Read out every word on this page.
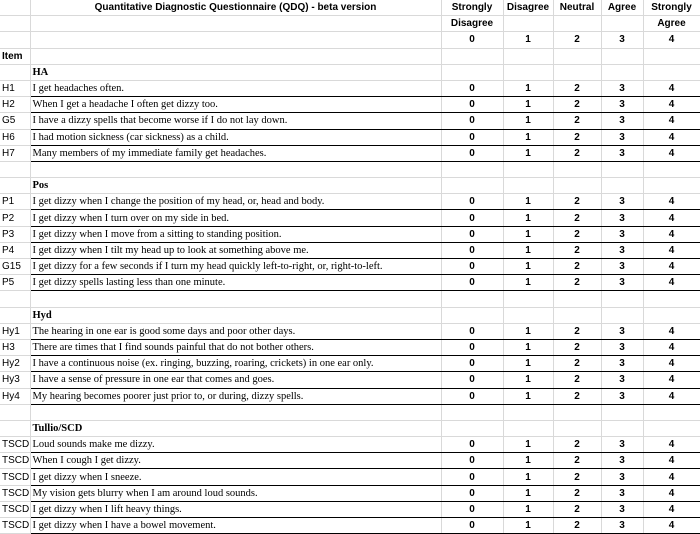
	Quantitative Diagnostic Questionnaire (QDQ) - beta version	Strongly	Disagree	Neutral	Agree	Strongly
		Disagree				Agree
		0	1	2	3	4
Item						
	HA					
H1	I get headaches often.	0	1	2	3	4
H2	When I get a headache I often get dizzy too.	0	1	2	3	4
G5	I have a dizzy spells that become worse if I do not lay down.	0	1	2	3	4
H6	I had motion sickness (car sickness) as a child.	0	1	2	3	4
H7	Many members of my immediate family get headaches.	0	1	2	3	4

	Pos					
P1	I get dizzy when I change the position of my head, or, head and body.	0	1	2	3	4
P2	I get dizzy when I turn over on my side in bed.	0	1	2	3	4
P3	I get dizzy when I move from a sitting to standing position.	0	1	2	3	4
P4	I get dizzy when I tilt my head up to look at something above me.	0	1	2	3	4
G15	I get dizzy for a few seconds if I turn my head quickly left-to-right, or, right-to-left.	0	1	2	3	4
P5	I get dizzy spells lasting less than one minute.	0	1	2	3	4

	Hyd					
Hy1	The hearing in one ear is good some days and poor other days.	0	1	2	3	4
H3	There are times that I find sounds painful that do not bother others.	0	1	2	3	4
Hy2	I have a continuous noise (ex. ringing, buzzing, roaring, crickets) in one ear only.	0	1	2	3	4
Hy3	I have a sense of pressure in one ear that comes and goes.	0	1	2	3	4
Hy4	My hearing becomes poorer just prior to, or during, dizzy spells.	0	1	2	3	4

	Tullio/SCD					
TSCD	Loud sounds make me dizzy.	0	1	2	3	4
TSCD	When I cough I get dizzy.	0	1	2	3	4
TSCD	I get dizzy when I sneeze.	0	1	2	3	4
TSCD	My vision gets blurry when I am around loud sounds.	0	1	2	3	4
TSCD	I get dizzy when I lift heavy things.	0	1	2	3	4
TSCD	I get dizzy when I have a bowel movement.	0	1	2	3	4
